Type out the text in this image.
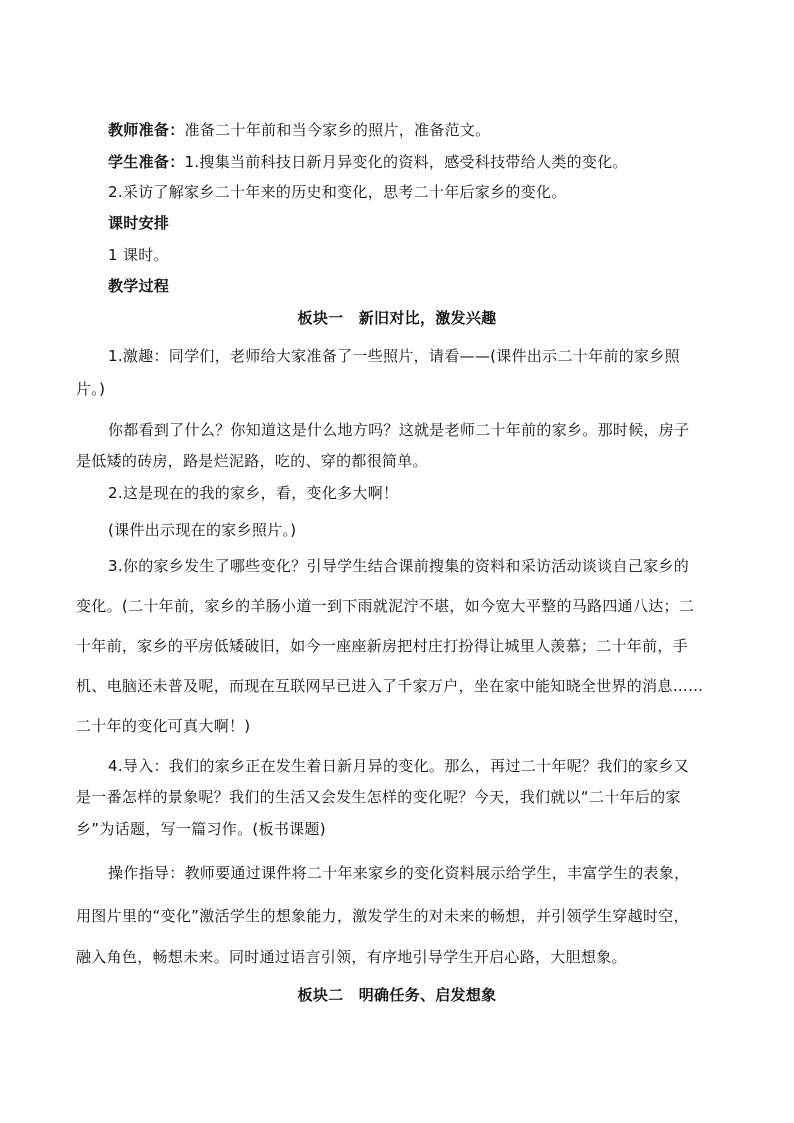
教师准备：准备二十年前和当今家乡的照片，准备范文。
学生准备：1.搜集当前科技日新月异变化的资料，感受科技带给人类的变化。
2.采访了解家乡二十年来的历史和变化，思考二十年后家乡的变化。
课时安排
1 课时。
教学过程
板块一　新旧对比，激发兴趣
1.激趣：同学们，老师给大家准备了一些照片，请看——(课件出示二十年前的家乡照
片。)
你都看到了什么？你知道这是什么地方吗？这就是老师二十年前的家乡。那时候，房子
是低矮的砖房，路是烂泥路，吃的、穿的都很简单。
2.这是现在的我的家乡，看，变化多大啊！
(课件出示现在的家乡照片。)
3.你的家乡发生了哪些变化？引导学生结合课前搜集的资料和采访活动谈谈自己家乡的
变化。(二十年前，家乡的羊肠小道一到下雨就泥泞不堪，如今宽大平整的马路四通八达；二
十年前，家乡的平房低矮破旧，如今一座座新房把村庄打扮得让城里人羡慕；二十年前，手
机、电脑还未普及呢，而现在互联网早已进入了千家万户，坐在家中能知晓全世界的消息……
二十年的变化可真大啊！)
4.导入：我们的家乡正在发生着日新月异的变化。那么，再过二十年呢？我们的家乡又
是一番怎样的景象呢？我们的生活又会发生怎样的变化呢？今天，我们就以“二十年后的家
乡”为话题，写一篇习作。(板书课题)
操作指导：教师要通过课件将二十年来家乡的变化资料展示给学生，丰富学生的表象，
用图片里的“变化”激活学生的想象能力，激发学生的对未来的畅想，并引领学生穿越时空，
融入角色，畅想未来。同时通过语言引领，有序地引导学生开启心路，大胆想象。
板块二　明确任务、启发想象
